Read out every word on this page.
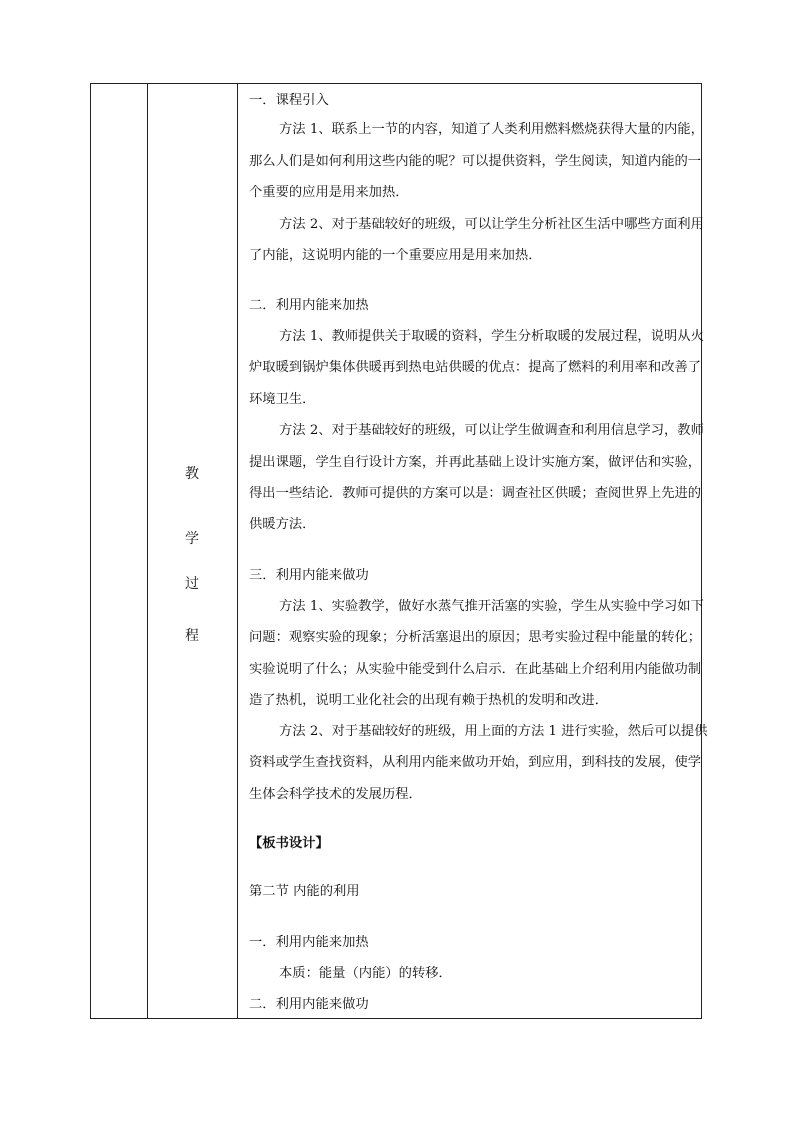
教
学
过
程
一．课程引入
方法 1、联系上一节的内容，知道了人类利用燃料燃烧获得大量的内能，
那么人们是如何利用这些内能的呢？可以提供资料，学生阅读，知道内能的一
个重要的应用是用来加热．
方法 2、对于基础较好的班级，可以让学生分析社区生活中哪些方面利用
了内能，这说明内能的一个重要应用是用来加热．
二．利用内能来加热
方法 1、教师提供关于取暖的资料，学生分析取暖的发展过程，说明从火
炉取暖到锅炉集体供暖再到热电站供暖的优点：提高了燃料的利用率和改善了
环境卫生．
方法 2、对于基础较好的班级，可以让学生做调查和利用信息学习，教师
提出课题，学生自行设计方案，并再此基础上设计实施方案，做评估和实验，
得出一些结论．教师可提供的方案可以是：调查社区供暖；查阅世界上先进的
供暖方法．
三．利用内能来做功
方法 1、实验教学，做好水蒸气推开活塞的实验，学生从实验中学习如下
问题：观察实验的现象；分析活塞退出的原因；思考实验过程中能量的转化；
实验说明了什么；从实验中能受到什么启示．在此基础上介绍利用内能做功制
造了热机，说明工业化社会的出现有赖于热机的发明和改进．
方法 2、对于基础较好的班级，用上面的方法 1 进行实验，然后可以提供
资料或学生查找资料，从利用内能来做功开始，到应用，到科技的发展，使学
生体会科学技术的发展历程．
【板书设计】
第二节 内能的利用
一．利用内能来加热
本质：能量（内能）的转移．
二．利用内能来做功
